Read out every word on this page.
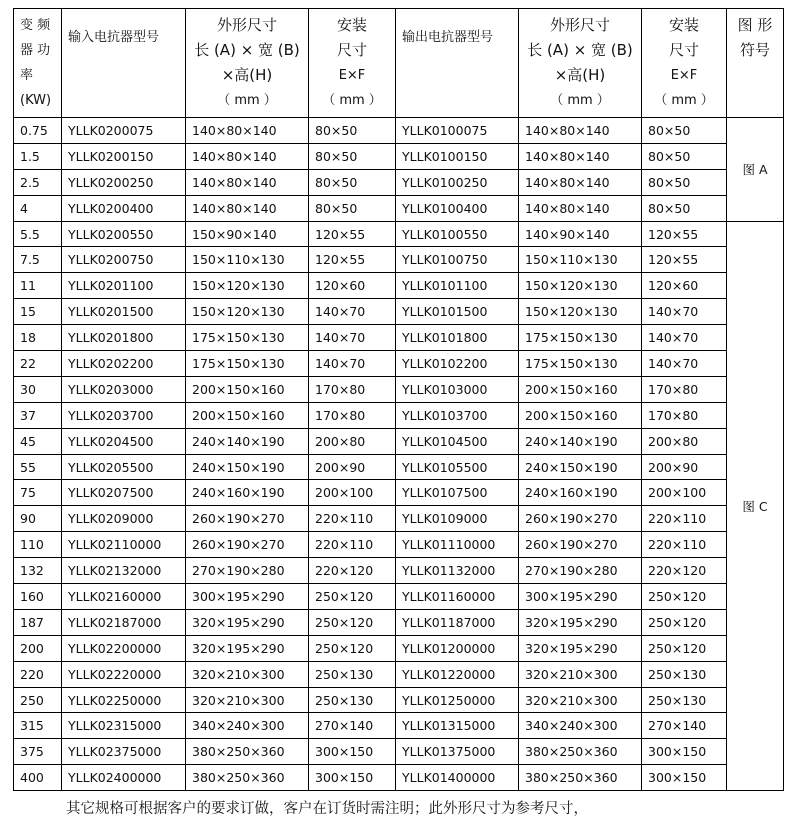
变 频
器 功
率
(KW)	输入电抗器型号	外形尺寸
长 (A) × 宽 (B)
×高(H)
（ mm ）	安装
尺寸
E×F
（ mm ）	输出电抗器型号	外形尺寸
长 (A) × 宽 (B)
×高(H)
（ mm ）	安装
尺寸
E×F
（ mm ）	图 形
符号

0.75	YLLK0200075	140×80×140	80×50	YLLK0100075	140×80×140	80×50	图 A
1.5	YLLK0200150	140×80×140	80×50	YLLK0100150	140×80×140	80×50	
2.5	YLLK0200250	140×80×140	80×50	YLLK0100250	140×80×140	80×50	
4	YLLK0200400	140×80×140	80×50	YLLK0100400	140×80×140	80×50	
5.5	YLLK0200550	150×90×140	120×55	YLLK0100550	140×90×140	120×55	图 C
7.5	YLLK0200750	150×110×130	120×55	YLLK0100750	150×110×130	120×55	
11	YLLK0201100	150×120×130	120×60	YLLK0101100	150×120×130	120×60	
15	YLLK0201500	150×120×130	140×70	YLLK0101500	150×120×130	140×70	
18	YLLK0201800	175×150×130	140×70	YLLK0101800	175×150×130	140×70	
22	YLLK0202200	175×150×130	140×70	YLLK0102200	175×150×130	140×70	
30	YLLK0203000	200×150×160	170×80	YLLK0103000	200×150×160	170×80	
37	YLLK0203700	200×150×160	170×80	YLLK0103700	200×150×160	170×80	
45	YLLK0204500	240×140×190	200×80	YLLK0104500	240×140×190	200×80	
55	YLLK0205500	240×150×190	200×90	YLLK0105500	240×150×190	200×90	
75	YLLK0207500	240×160×190	200×100	YLLK0107500	240×160×190	200×100	
90	YLLK0209000	260×190×270	220×110	YLLK0109000	260×190×270	220×110	
110	YLLK02110000	260×190×270	220×110	YLLK01110000	260×190×270	220×110	
132	YLLK02132000	270×190×280	220×120	YLLK01132000	270×190×280	220×120	
160	YLLK02160000	300×195×290	250×120	YLLK01160000	300×195×290	250×120	
187	YLLK02187000	320×195×290	250×120	YLLK01187000	320×195×290	250×120	
200	YLLK02200000	320×195×290	250×120	YLLK01200000	320×195×290	250×120	
220	YLLK02220000	320×210×300	250×130	YLLK01220000	320×210×300	250×130	
250	YLLK02250000	320×210×300	250×130	YLLK01250000	320×210×300	250×130	
315	YLLK02315000	340×240×300	270×140	YLLK01315000	340×240×300	270×140	
375	YLLK02375000	380×250×360	300×150	YLLK01375000	380×250×360	300×150	
400	YLLK02400000	380×250×360	300×150	YLLK01400000	380×250×360	300×150	
其它规格可根据客户的要求订做，客户在订货时需注明；此外形尺寸为参考尺寸，
